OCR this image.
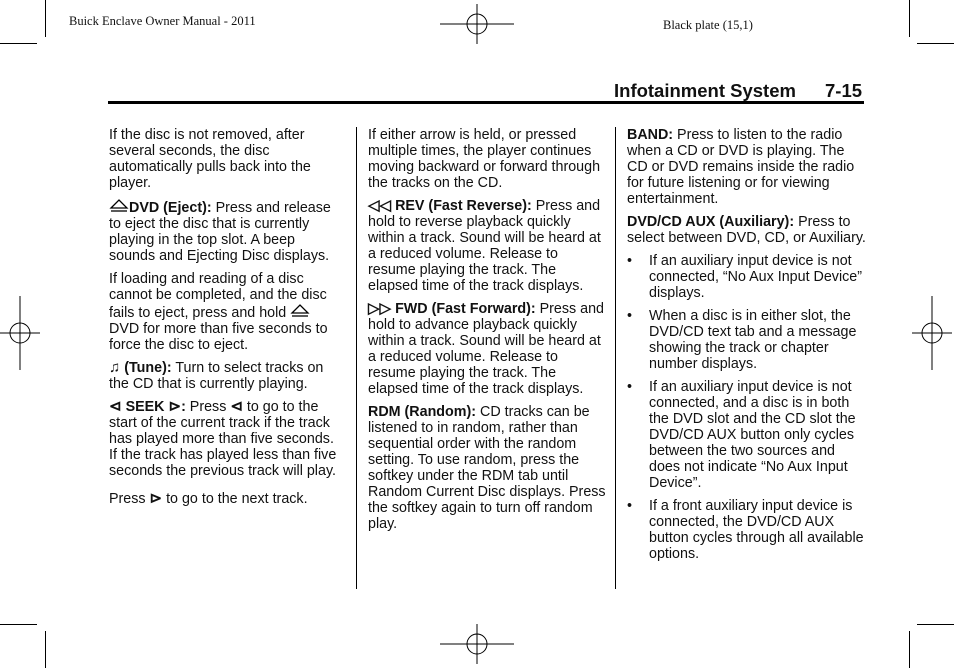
Buick Enclave Owner Manual - 2011	Black plate (15,1)
Infotainment System 7-15

If the disc is not removed, after several seconds, the disc automatically pulls back into the player.

DVD (Eject): Press and release to eject the disc that is currently playing in the top slot. A beep sounds and Ejecting Disc displays.

If loading and reading of a disc cannot be completed, and the disc fails to eject, press and hold  DVD for more than five seconds to force the disc to eject.

♫ (Tune): Turn to select tracks on the CD that is currently playing.

⊲ SEEK ⊳: Press ⊲ to go to the start of the current track if the track has played more than five seconds. If the track has played less than five seconds the previous track will play.

Press ⊳ to go to the next track.

If either arrow is held, or pressed multiple times, the player continues moving backward or forward through the tracks on the CD.

◁◁ REV (Fast Reverse): Press and hold to reverse playback quickly within a track. Sound will be heard at a reduced volume. Release to resume playing the track. The elapsed time of the track displays.

▷▷ FWD (Fast Forward): Press and hold to advance playback quickly within a track. Sound will be heard at a reduced volume. Release to resume playing the track. The elapsed time of the track displays.

RDM (Random): CD tracks can be listened to in random, rather than sequential order with the random setting. To use random, press the softkey under the RDM tab until Random Current Disc displays. Press the softkey again to turn off random play.

BAND: Press to listen to the radio when a CD or DVD is playing. The CD or DVD remains inside the radio for future listening or for viewing entertainment.

DVD/CD AUX (Auxiliary): Press to select between DVD, CD, or Auxiliary.

• If an auxiliary input device is not connected, “No Aux Input Device” displays.
• When a disc is in either slot, the DVD/CD text tab and a message showing the track or chapter number displays.
• If an auxiliary input device is not connected, and a disc is in both the DVD slot and the CD slot the DVD/CD AUX button only cycles between the two sources and does not indicate “No Aux Input Device”.
• If a front auxiliary input device is connected, the DVD/CD AUX button cycles through all available options.
